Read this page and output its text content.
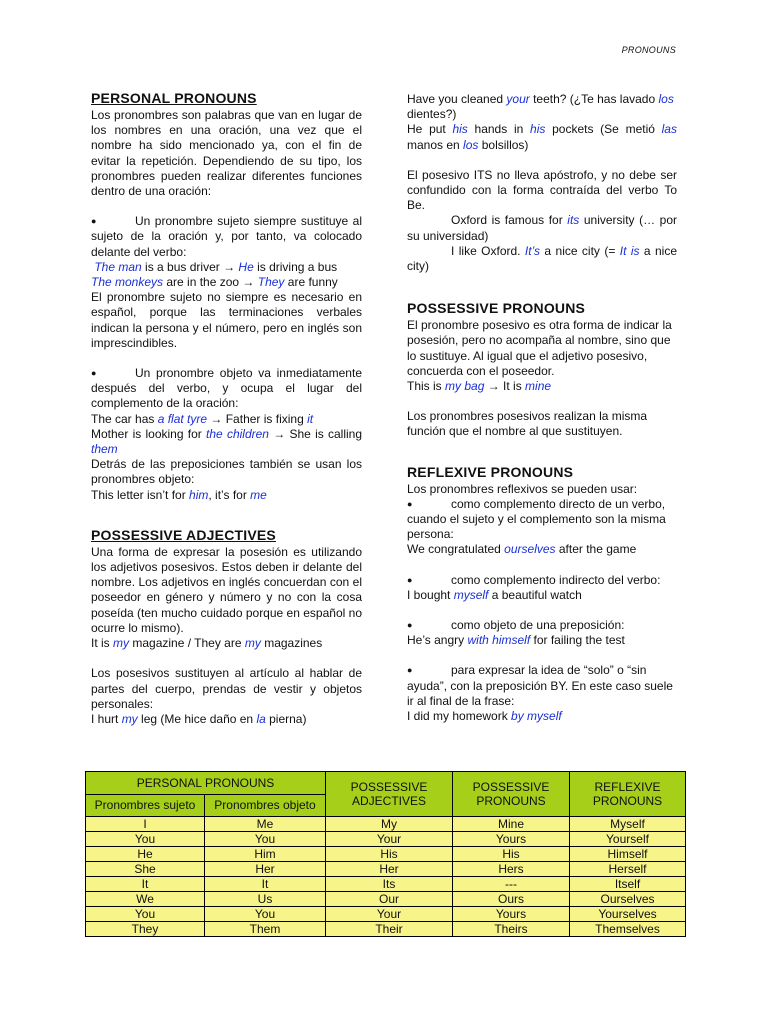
PRONOUNS
PERSONAL PRONOUNS

Los pronombres son palabras que van en lugar de los nombres en una oración, una vez que el nombre ha sido mencionado ya, con el fin de evitar la repetición. Dependiendo de su tipo, los pronombres pueden realizar diferentes funciones dentro de una oración:

●	Un pronombre sujeto siempre sustituye al sujeto de la oración y, por tanto, va colocado delante del verbo:

The man is a bus driver → He is driving a bus

The monkeys are in the zoo → They are funny

El pronombre sujeto no siempre es necesario en español, porque las terminaciones verbales indican la persona y el número, pero en inglés son imprescindibles.

●	Un pronombre objeto va inmediatamente después del verbo, y ocupa el lugar del complemento de la oración:

The car has a flat tyre → Father is fixing it

Mother is looking for the children → She is calling them

Detrás de las preposiciones también se usan los pronombres objeto:

This letter isn’t for him, it’s for me

POSSESSIVE ADJECTIVES

Una forma de expresar la posesión es utilizando los adjetivos posesivos. Estos deben ir delante del nombre. Los adjetivos en inglés concuerdan con el poseedor en género y número y no con la cosa poseída (ten mucho cuidado porque en español no ocurre lo mismo).

It is my magazine / They are my magazines

Los posesivos sustituyen al artículo al hablar de partes del cuerpo, prendas de vestir y objetos personales:

I hurt my leg (Me hice daño en la pierna)

Have you cleaned your teeth? (¿Te has lavado los dientes?)

He put his hands in his pockets (Se metió las manos en los bolsillos)

El posesivo ITS no lleva apóstrofo, y no debe ser confundido con la forma contraída del verbo To Be.

Oxford is famous for its university (… por su universidad)

I like Oxford. It’s a nice city (= It is a nice city)

POSSESSIVE PRONOUNS

El pronombre posesivo es otra forma de indicar la posesión, pero no acompaña al nombre, sino que lo sustituye. Al igual que el adjetivo posesivo, concuerda con el poseedor.

This is my bag → It is mine

Los pronombres posesivos realizan la misma función que el nombre al que sustituyen.

REFLEXIVE PRONOUNS

Los pronombres reflexivos se pueden usar:

●	como complemento directo de un verbo, cuando el sujeto y el complemento son la misma persona:

We congratulated ourselves after the game

●	como complemento indirecto del verbo:

I bought myself a beautiful watch

●	como objeto de una preposición:

He’s angry with himself for failing the test

●	para expresar la idea de “solo” o “sin ayuda”, con la preposición BY. En este caso suele ir al final de la frase:

I did my homework by myself

PERSONAL PRONOUNS		POSSESSIVE ADJECTIVES	POSSESSIVE PRONOUNS	REFLEXIVE PRONOUNS
Pronombres sujeto	Pronombres objeto			
I	Me	My	Mine	Myself
You	You	Your	Yours	Yourself
He	Him	His	His	Himself
She	Her	Her	Hers	Herself
It	It	Its	---	Itself
We	Us	Our	Ours	Ourselves
You	You	Your	Yours	Yourselves
They	Them	Their	Theirs	Themselves
